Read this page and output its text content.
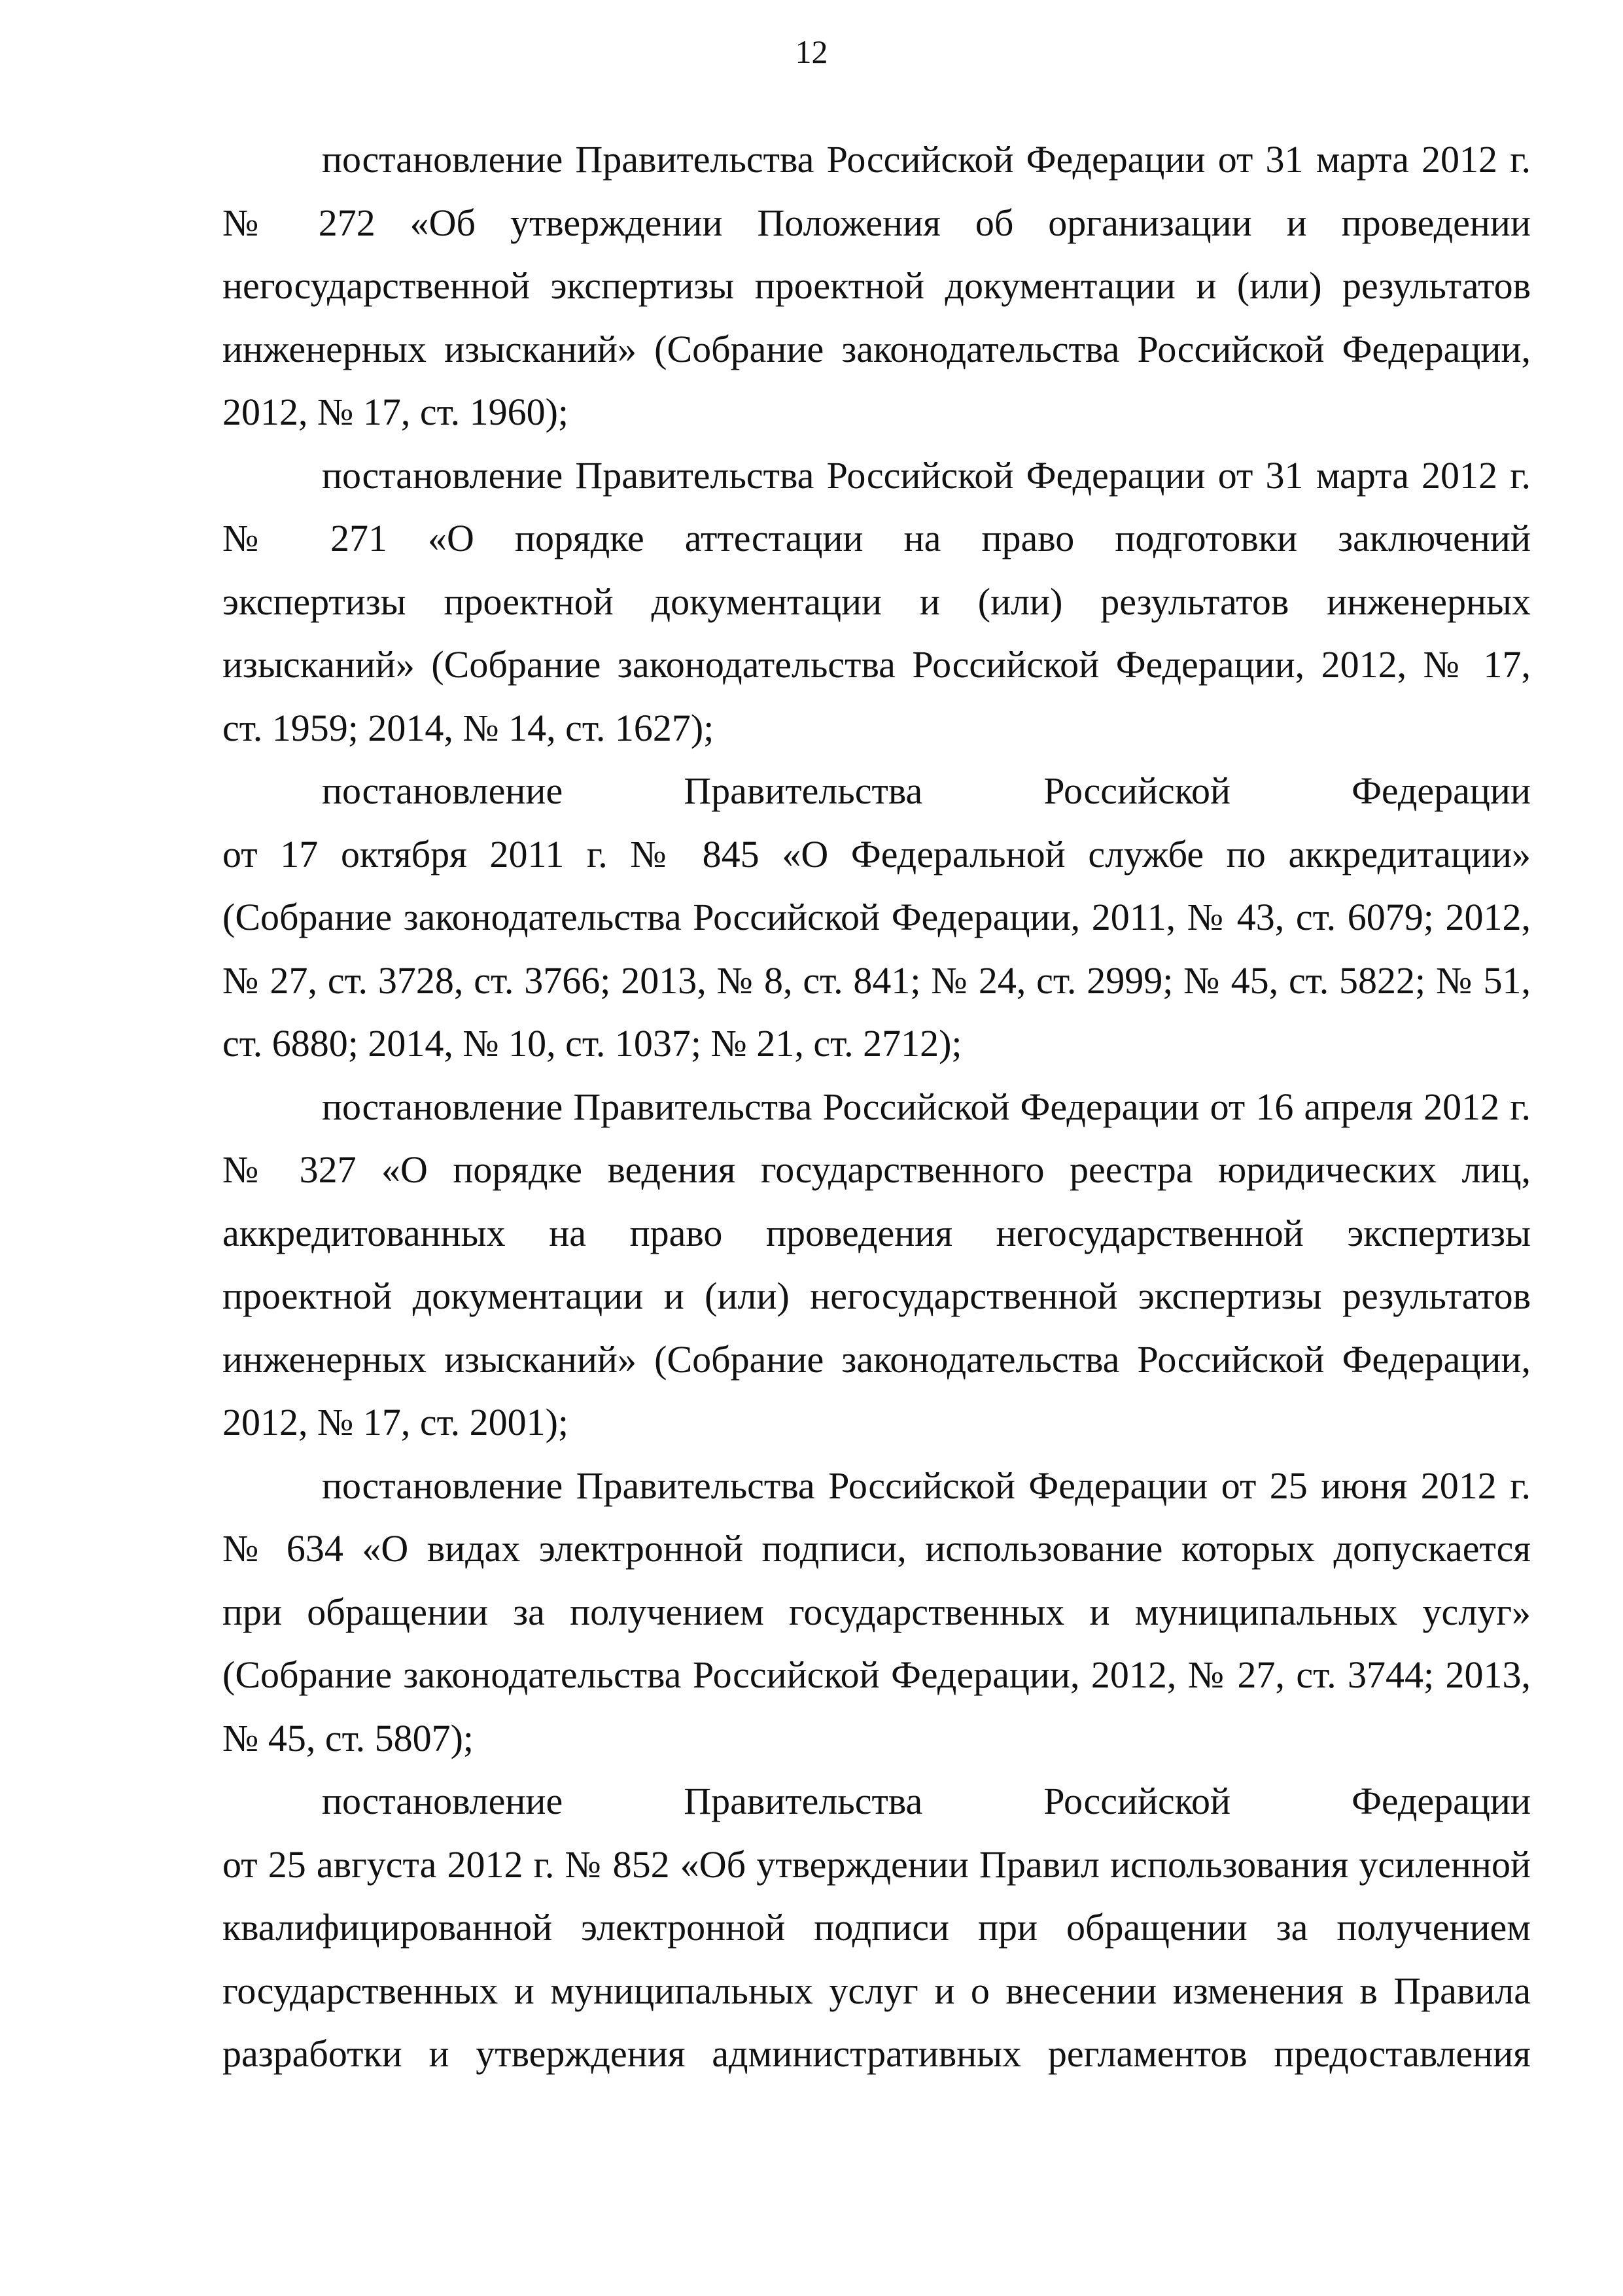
12
постановление Правительства Российской Федерации от 31 марта 2012 г.
№ 272 «Об утверждении Положения об организации и проведении
негосударственной экспертизы проектной документации и (или) результатов
инженерных изысканий» (Собрание законодательства Российской Федерации,
2012, № 17, ст. 1960);
постановление Правительства Российской Федерации от 31 марта 2012 г.
№ 271 «О порядке аттестации на право подготовки заключений
экспертизы проектной документации и (или) результатов инженерных
изысканий» (Собрание законодательства Российской Федерации, 2012, № 17,
ст. 1959; 2014, № 14, ст. 1627);
постановление Правительства Российской Федерации
от 17 октября 2011 г. № 845 «О Федеральной службе по аккредитации»
(Собрание законодательства Российской Федерации, 2011, № 43, ст. 6079; 2012,
№ 27, ст. 3728, ст. 3766; 2013, № 8, ст. 841; № 24, ст. 2999; № 45, ст. 5822; № 51,
ст. 6880; 2014, № 10, ст. 1037; № 21, ст. 2712);
постановление Правительства Российской Федерации от 16 апреля 2012 г.
№ 327 «О порядке ведения государственного реестра юридических лиц,
аккредитованных на право проведения негосударственной экспертизы
проектной документации и (или) негосударственной экспертизы результатов
инженерных изысканий» (Собрание законодательства Российской Федерации,
2012, № 17, ст. 2001);
постановление Правительства Российской Федерации от 25 июня 2012 г.
№ 634 «О видах электронной подписи, использование которых допускается
при обращении за получением государственных и муниципальных услуг»
(Собрание законодательства Российской Федерации, 2012, № 27, ст. 3744; 2013,
№ 45, ст. 5807);
постановление Правительства Российской Федерации
от 25 августа 2012 г. № 852 «Об утверждении Правил использования усиленной
квалифицированной электронной подписи при обращении за получением
государственных и муниципальных услуг и о внесении изменения в Правила
разработки и утверждения административных регламентов предоставления
